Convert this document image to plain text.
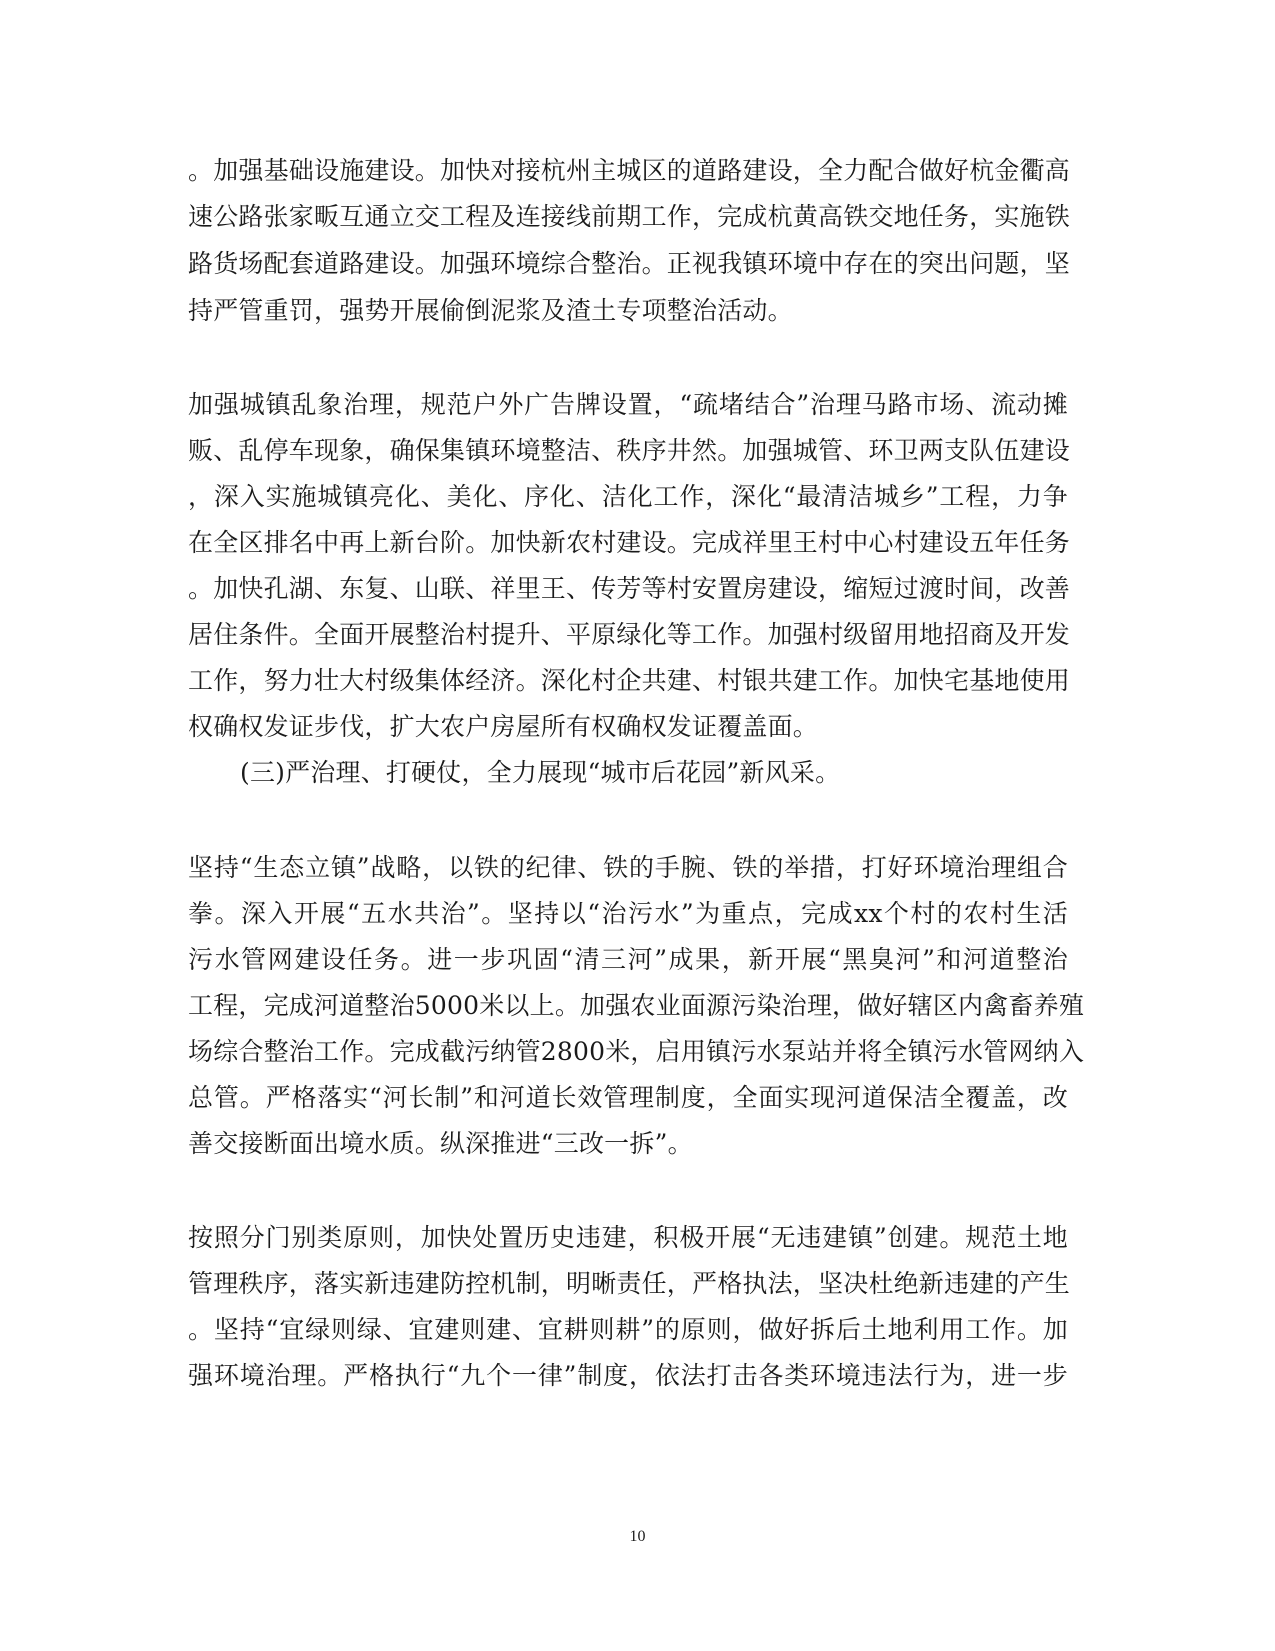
。加强基础设施建设。加快对接杭州主城区的道路建设，全力配合做好杭金衢高
速公路张家畈互通立交工程及连接线前期工作，完成杭黄高铁交地任务，实施铁
路货场配套道路建设。加强环境综合整治。正视我镇环境中存在的突出问题，坚
持严管重罚，强势开展偷倒泥浆及渣土专项整治活动。
加强城镇乱象治理，规范户外广告牌设置，“疏堵结合”治理马路市场、流动摊
贩、乱停车现象，确保集镇环境整洁、秩序井然。加强城管、环卫两支队伍建设
，深入实施城镇亮化、美化、序化、洁化工作，深化“最清洁城乡”工程，力争
在全区排名中再上新台阶。加快新农村建设。完成祥里王村中心村建设五年任务
。加快孔湖、东复、山联、祥里王、传芳等村安置房建设，缩短过渡时间，改善
居住条件。全面开展整治村提升、平原绿化等工作。加强村级留用地招商及开发
工作，努力壮大村级集体经济。深化村企共建、村银共建工作。加快宅基地使用
权确权发证步伐，扩大农户房屋所有权确权发证覆盖面。
(三)严治理、打硬仗，全力展现“城市后花园”新风采。
坚持“生态立镇”战略，以铁的纪律、铁的手腕、铁的举措，打好环境治理组合
拳。深入开展“五水共治”。坚持以“治污水”为重点，完成xx个村的农村生活
污水管网建设任务。进一步巩固“清三河”成果，新开展“黑臭河”和河道整治
工程，完成河道整治5000米以上。加强农业面源污染治理，做好辖区内禽畜养殖
场综合整治工作。完成截污纳管2800米，启用镇污水泵站并将全镇污水管网纳入
总管。严格落实“河长制”和河道长效管理制度，全面实现河道保洁全覆盖，改
善交接断面出境水质。纵深推进“三改一拆”。
按照分门别类原则，加快处置历史违建，积极开展“无违建镇”创建。规范土地
管理秩序，落实新违建防控机制，明晰责任，严格执法，坚决杜绝新违建的产生
。坚持“宜绿则绿、宜建则建、宜耕则耕”的原则，做好拆后土地利用工作。加
强环境治理。严格执行“九个一律”制度，依法打击各类环境违法行为，进一步
10
